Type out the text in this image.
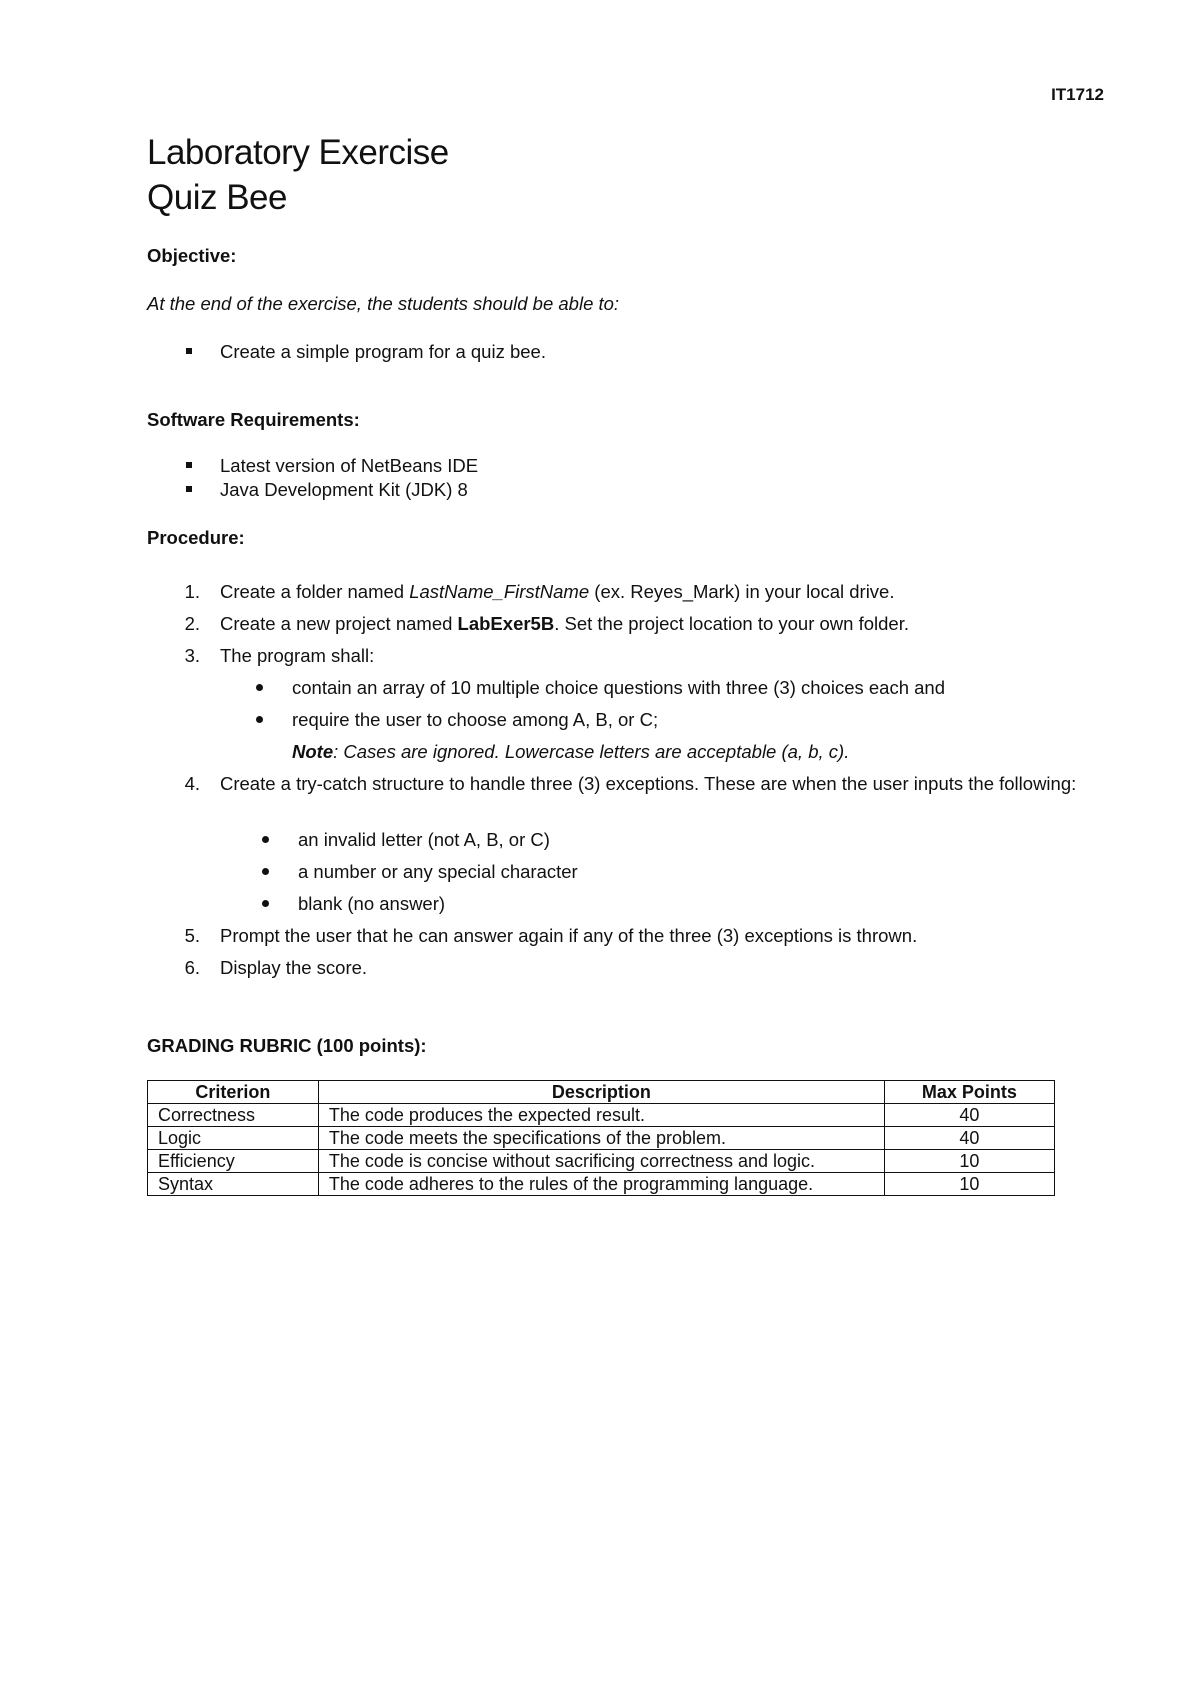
IT1712
Laboratory Exercise
Quiz Bee
Objective:
At the end of the exercise, the students should be able to:
Create a simple program for a quiz bee.
Software Requirements:
Latest version of NetBeans IDE
Java Development Kit (JDK) 8
Procedure:
1. Create a folder named LastName_FirstName (ex. Reyes_Mark) in your local drive.
2. Create a new project named LabExer5B. Set the project location to your own folder.
3. The program shall:
contain an array of 10 multiple choice questions with three (3) choices each and
require the user to choose among A, B, or C;
Note: Cases are ignored. Lowercase letters are acceptable (a, b, c).
4. Create a try-catch structure to handle three (3) exceptions. These are when the user inputs the following:
an invalid letter (not A, B, or C)
a number or any special character
blank (no answer)
5. Prompt the user that he can answer again if any of the three (3) exceptions is thrown.
6. Display the score.
GRADING RUBRIC (100 points):
Criterion	Description	Max Points
Correctness	The code produces the expected result.	40
Logic	The code meets the specifications of the problem.	40
Efficiency	The code is concise without sacrificing correctness and logic.	10
Syntax	The code adheres to the rules of the programming language.	10
